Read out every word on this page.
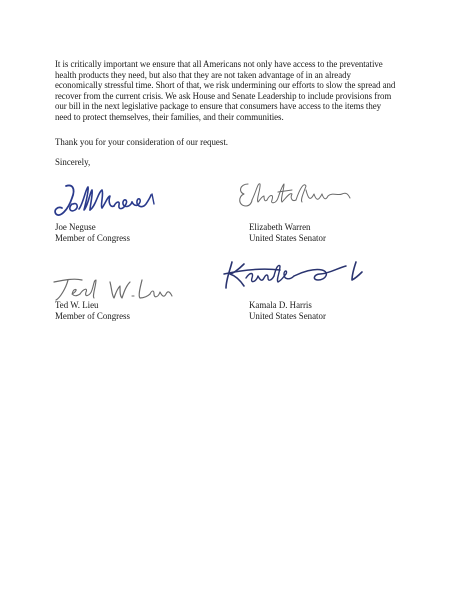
It is critically important we ensure that all Americans not only have access to the preventative
health products they need, but also that they are not taken advantage of in an already
economically stressful time. Short of that, we risk undermining our efforts to slow the spread and
recover from the current crisis. We ask House and Senate Leadership to include provisions from
our bill in the next legislative package to ensure that consumers have access to the items they
need to protect themselves, their families, and their communities.

Thank you for your consideration of our request.

Sincerely,

Joe Neguse
Member of Congress
Elizabeth Warren
United States Senator
Ted W. Lieu
Member of Congress
Kamala D. Harris
United States Senator
